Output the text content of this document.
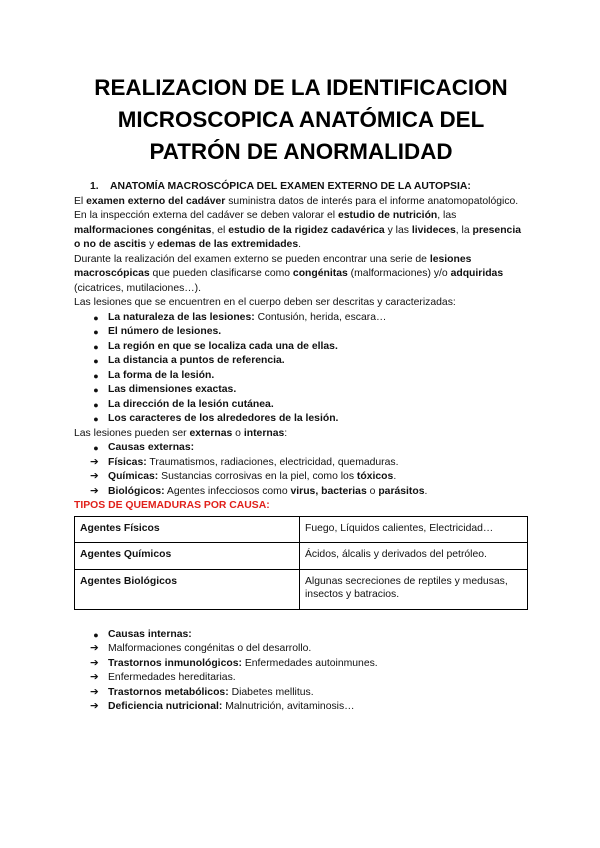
REALIZACION DE LA IDENTIFICACION MICROSCOPICA ANATÓMICA DEL PATRÓN DE ANORMALIDAD
1. ANATOMÍA MACROSCÓPICA DEL EXAMEN EXTERNO DE LA AUTOPSIA:

El examen externo del cadáver suministra datos de interés para el informe anatomopatológico. En la inspección externa del cadáver se deben valorar el estudio de nutrición, las malformaciones congénitas, el estudio de la rigidez cadavérica y las livideces, la presencia o no de ascitis y edemas de las extremidades.

Durante la realización del examen externo se pueden encontrar una serie de lesiones macroscópicas que pueden clasificarse como congénitas (malformaciones) y/o adquiridas (cicatrices, mutilaciones…).

Las lesiones que se encuentren en el cuerpo deben ser descritas y caracterizadas:

● La naturaleza de las lesiones: Contusión, herida, escara…
● El número de lesiones.
● La región en que se localiza cada una de ellas.
● La distancia a puntos de referencia.
● La forma de la lesión.
● Las dimensiones exactas.
● La dirección de la lesión cutánea.
● Los caracteres de los alrededores de la lesión.

Las lesiones pueden ser externas o internas:

● Causas externas:
➔ Físicas: Traumatismos, radiaciones, electricidad, quemaduras.
➔ Químicas: Sustancias corrosivas en la piel, como los tóxicos.
➔ Biológicos: Agentes infecciosos como virus, bacterias o parásitos.

TIPOS DE QUEMADURAS POR CAUSA:

Agentes Físicos	Fuego, Líquidos calientes, Electricidad…
Agentes Químicos	Ácidos, álcalis y derivados del petróleo.
Agentes Biológicos	Algunas secreciones de reptiles y medusas, insectos y batracios.
● Causas internas:
➔ Malformaciones congénitas o del desarrollo.
➔ Trastornos inmunológicos: Enfermedades autoinmunes.
➔ Enfermedades hereditarias.
➔ Trastornos metabólicos: Diabetes mellitus.
➔ Deficiencia nutricional: Malnutrición, avitaminosis…
